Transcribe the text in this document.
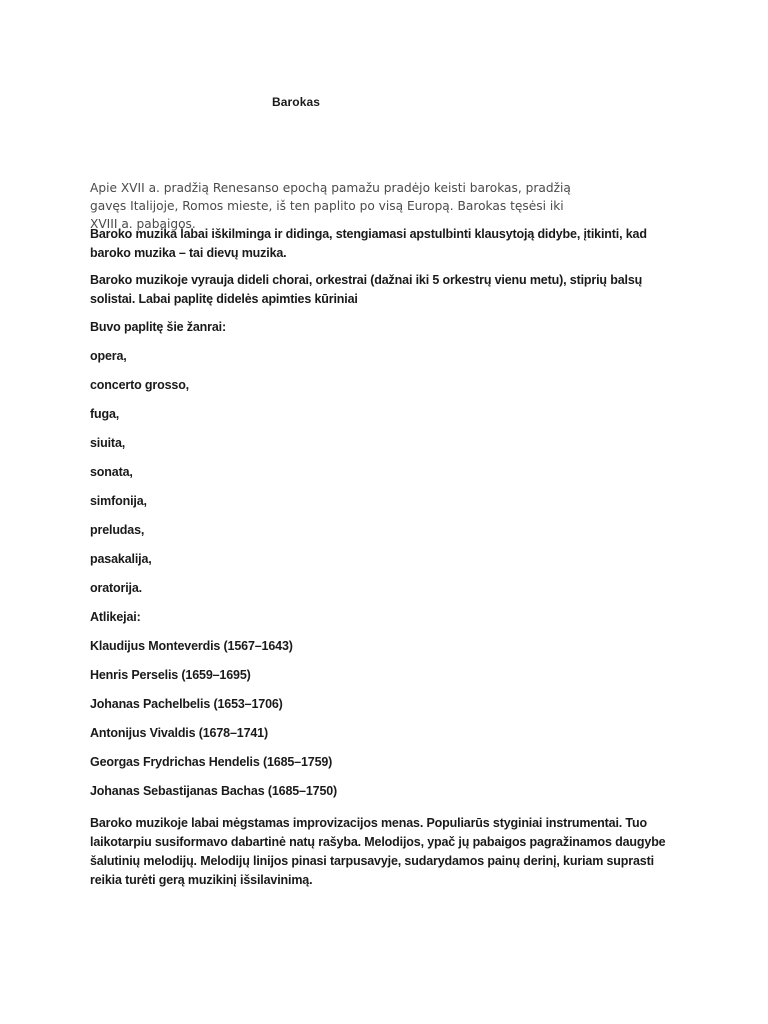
Barokas
Apie XVII a. pradžią Renesanso epochą pamažu pradėjo keisti barokas, pradžią gavęs Italijoje, Romos mieste, iš ten paplito po visą Europą. Barokas tęsėsi iki XVIII a. pabaigos.
Baroko muzika labai iškilminga ir didinga, stengiamasi apstulbinti klausytoją didybe, įtikinti, kad baroko muzika – tai dievų muzika.
Baroko muzikoje vyrauja dideli chorai, orkestrai (dažnai iki 5 orkestrų vienu metu), stiprių balsų solistai. Labai paplitę didelės apimties kūriniai
Buvo paplitę šie žanrai:
opera,
concerto grosso,
fuga,
siuita,
sonata,
simfonija,
preludas,
pasakalija,
oratorija.
Atlikejai:
Klaudijus Monteverdis (1567–1643)
Henris Perselis (1659–1695)
Johanas Pachelbelis (1653–1706)
Antonijus Vivaldis (1678–1741)
Georgas Frydrichas Hendelis (1685–1759)
Johanas Sebastijanas Bachas (1685–1750)
Baroko muzikoje labai mėgstamas improvizacijos menas. Populiarūs styginiai instrumentai. Tuo laikotarpiu susiformavo dabartinė natų rašyba. Melodijos, ypač jų pabaigos pagražinamos daugybe šalutinių melodijų. Melodijų linijos pinasi tarpusavyje, sudarydamos painų derinį, kuriam suprasti reikia turėti gerą muzikinį išsilavinimą.
